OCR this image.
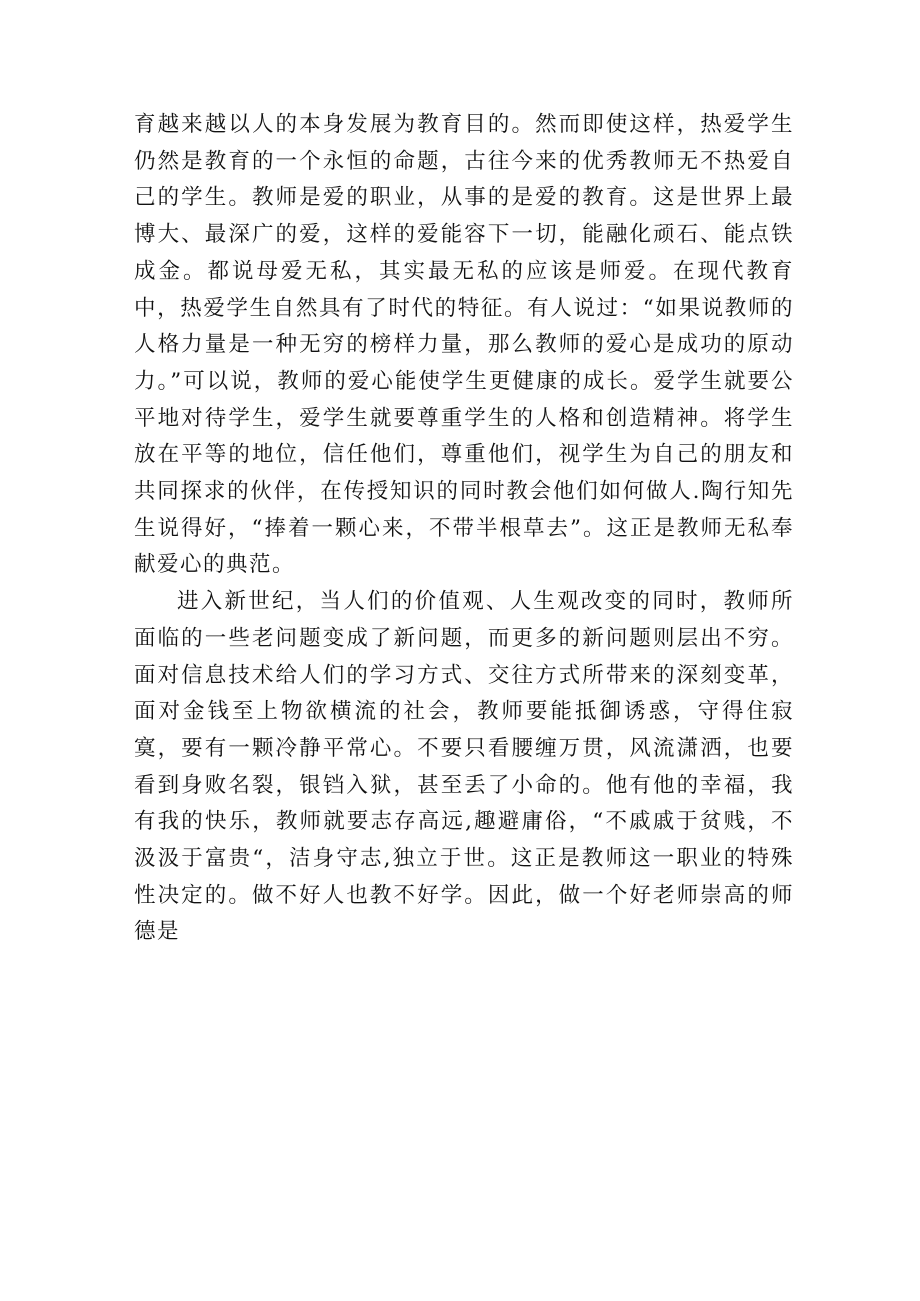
育越来越以人的本身发展为教育目的。然而即使这样，热爱学生仍然是教育的一个永恒的命题，古往今来的优秀教师无不热爱自己的学生。教师是爱的职业，从事的是爱的教育。这是世界上最博大、最深广的爱，这样的爱能容下一切，能融化顽石、能点铁成金。都说母爱无私，其实最无私的应该是师爱。在现代教育中，热爱学生自然具有了时代的特征。有人说过：“如果说教师的人格力量是一种无穷的榜样力量，那么教师的爱心是成功的原动力。”可以说，教师的爱心能使学生更健康的成长。爱学生就要公平地对待学生，爱学生就要尊重学生的人格和创造精神。将学生放在平等的地位，信任他们，尊重他们，视学生为自己的朋友和共同探求的伙伴，在传授知识的同时教会他们如何做人.陶行知先生说得好，“捧着一颗心来，不带半根草去”。这正是教师无私奉献爱心的典范。

进入新世纪，当人们的价值观、人生观改变的同时，教师所面临的一些老问题变成了新问题，而更多的新问题则层出不穷。面对信息技术给人们的学习方式、交往方式所带来的深刻变革，面对金钱至上物欲横流的社会，教师要能抵御诱惑，守得住寂寞，要有一颗冷静平常心。不要只看腰缠万贯，风流潇洒，也要看到身败名裂，银铛入狱，甚至丢了小命的。他有他的幸福，我有我的快乐，教师就要志存高远,趣避庸俗，“不戚戚于贫贱，不汲汲于富贵“，洁身守志,独立于世。这正是教师这一职业的特殊性决定的。做不好人也教不好学。因此，做一个好老师崇高的师德是
